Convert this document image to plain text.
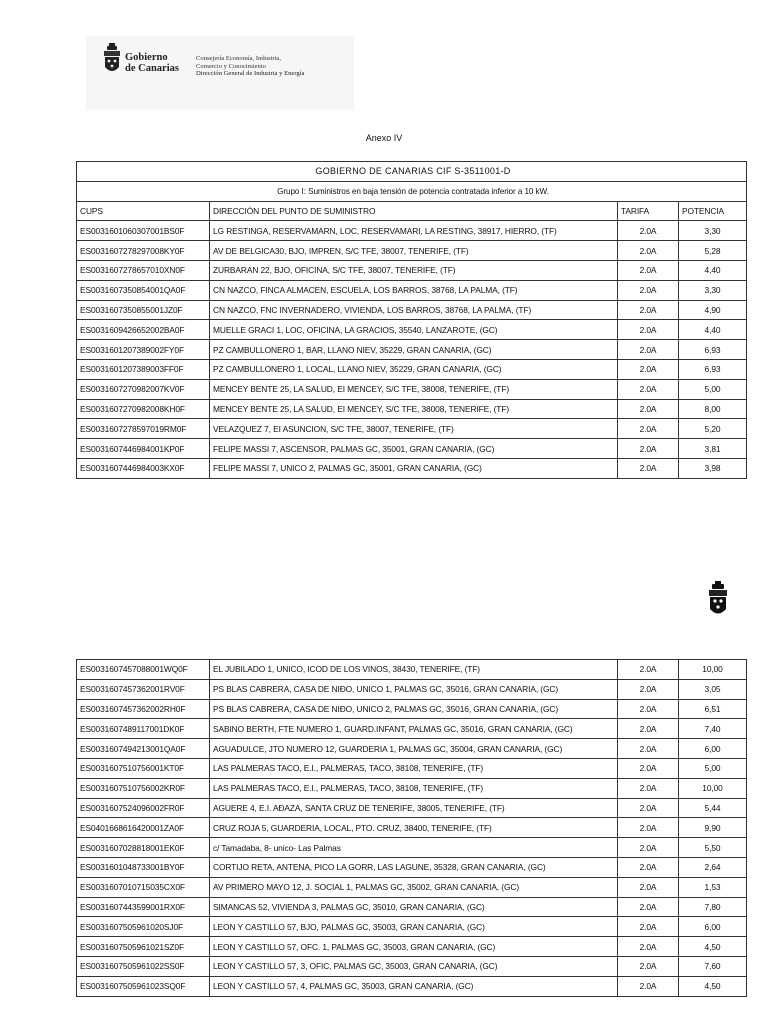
Gobierno
de Canarias
Consejería Economía, Industria,
Comercio y Conocimiento
Dirección General de Industria y Energía
Anexo IV
GOBIERNO DE CANARIAS CIF S-3511001-D			
Grupo I: Suministros en baja tensión de potencia contratada inferior a 10 kW.			
CUPS	DIRECCIÓN DEL PUNTO DE SUMINISTRO	TARIFA	POTENCIA
ES0031601060307001BS0F	LG RESTINGA, RESERVAMARN, LOC, RESERVAMARI, LA RESTING, 38917, HIERRO, (TF)	2.0A	3,30
ES0031607278297008KY0F	AV DE BELGICA30, BJO, IMPREN, S/C TFE, 38007, TENERIFE, (TF)	2.0A	5,28
ES0031607278657010XN0F	ZURBARAN 22, BJO, OFICINA, S/C TFE, 38007, TENERIFE, (TF)	2.0A	4,40
ES0031607350854001QA0F	CN NAZCO, FINCA ALMACEN, ESCUELA, LOS BARROS, 38768, LA PALMA, (TF)	2.0A	3,30
ES0031607350855001JZ0F	CN NAZCO, FNC INVERNADERO, VIVIENDA, LOS BARROS, 38768, LA PALMA, (TF)	2.0A	4,90
ES0031609426652002BA0F	MUELLE GRACI 1, LOC, OFICINA, LA GRACIOS, 35540, LANZAROTE, (GC)	2.0A	4,40
ES0031601207389002FY0F	PZ CAMBULLONERO 1, BAR, LLANO NIEV, 35229, GRAN CANARIA, (GC)	2.0A	6,93
ES0031601207389003FF0F	PZ CAMBULLONERO 1, LOCAL, LLANO NIEV, 35229, GRAN CANARIA, (GC)	2.0A	6,93
ES0031607270982007KV0F	MENCEY BENTE 25, LA SALUD, EI MENCEY, S/C TFE, 38008, TENERIFE, (TF)	2.0A	5,00
ES0031607270982008KH0F	MENCEY BENTE 25, LA SALUD, EI MENCEY, S/C TFE, 38008, TENERIFE, (TF)	2.0A	8,00
ES0031607278597019RM0F	VELAZQUEZ 7, EI ASUNCION, S/C TFE, 38007, TENERIFE, (TF)	2.0A	5,20
ES0031607446984001KP0F	FELIPE MASSI 7, ASCENSOR, PALMAS GC, 35001, GRAN CANARIA, (GC)	2.0A	3,81
ES0031607446984003KX0F	FELIPE MASSI 7, UNICO 2, PALMAS GC, 35001, GRAN CANARIA, (GC)	2.0A	3,98
ES0031607457088001WQ0F	EL JUBILADO 1, UNICO, ICOD DE LOS VINOS, 38430, TENERIFE, (TF)	2.0A	10,00
ES0031607457362001RV0F	PS BLAS CABRERA, CASA DE NIÐO, UNICO 1, PALMAS GC, 35016, GRAN CANARIA, (GC)	2.0A	3,05
ES0031607457362002RH0F	PS BLAS CABRERA, CASA DE NIÐO, UNICO 2, PALMAS GC, 35016, GRAN CANARIA, (GC)	2.0A	6,51
ES0031607489117001DK0F	SABINO BERTH, FTE NUMERO 1, GUARD.INFANT, PALMAS GC, 35016, GRAN CANARIA, (GC)	2.0A	7,40
ES0031607494213001QA0F	AGUADULCE, JTO NUMERO 12, GUARDERIA 1, PALMAS GC, 35004, GRAN CANARIA, (GC)	2.0A	6,00
ES0031607510756001KT0F	LAS PALMERAS TACO, E.I., PALMERAS, TACO, 38108, TENERIFE, (TF)	2.0A	5,00
ES0031607510756002KR0F	LAS PALMERAS TACO, E.I., PALMERAS, TACO, 38108, TENERIFE, (TF)	2.0A	10,00
ES0031607524096002FR0F	AGUERE 4, E.I. AÐAZA, SANTA CRUZ DE TENERIFE, 38005, TENERIFE, (TF)	2.0A	5,44
ES0401668616420001ZA0F	CRUZ ROJA 5, GUARDERIA, LOCAL, PTO. CRUZ, 38400, TENERIFE, (TF)	2.0A	9,90
ES0031607028818001EK0F	c/ Tamadaba, 8- unico- Las Palmas	2.0A	5,50
ES0031601048733001BY0F	CORTIJO RETA, ANTENA, PICO LA GORR, LAS LAGUNE, 35328, GRAN CANARIA, (GC)	2.0A	2,64
ES0031607010715035CX0F	AV PRIMERO MAYO 12, J. SOCIAL 1, PALMAS GC, 35002, GRAN CANARIA, (GC)	2.0A	1,53
ES0031607443599001RX0F	SIMANCAS 52, VIVIENDA 3, PALMAS GC, 35010, GRAN CANARIA, (GC)	2.0A	7,80
ES0031607505961020SJ0F	LEON Y CASTILLO 57, BJO, PALMAS GC, 35003, GRAN CANARIA, (GC)	2.0A	6,00
ES0031607505961021SZ0F	LEON Y CASTILLO 57, OFC. 1, PALMAS GC, 35003, GRAN CANARIA, (GC)	2.0A	4,50
ES0031607505961022SS0F	LEON Y CASTILLO 57, 3, OFIC, PALMAS GC, 35003, GRAN CANARIA, (GC)	2.0A	7,60
ES0031607505961023SQ0F	LEON Y CASTILLO 57, 4, PALMAS GC, 35003, GRAN CANARIA, (GC)	2.0A	4,50
